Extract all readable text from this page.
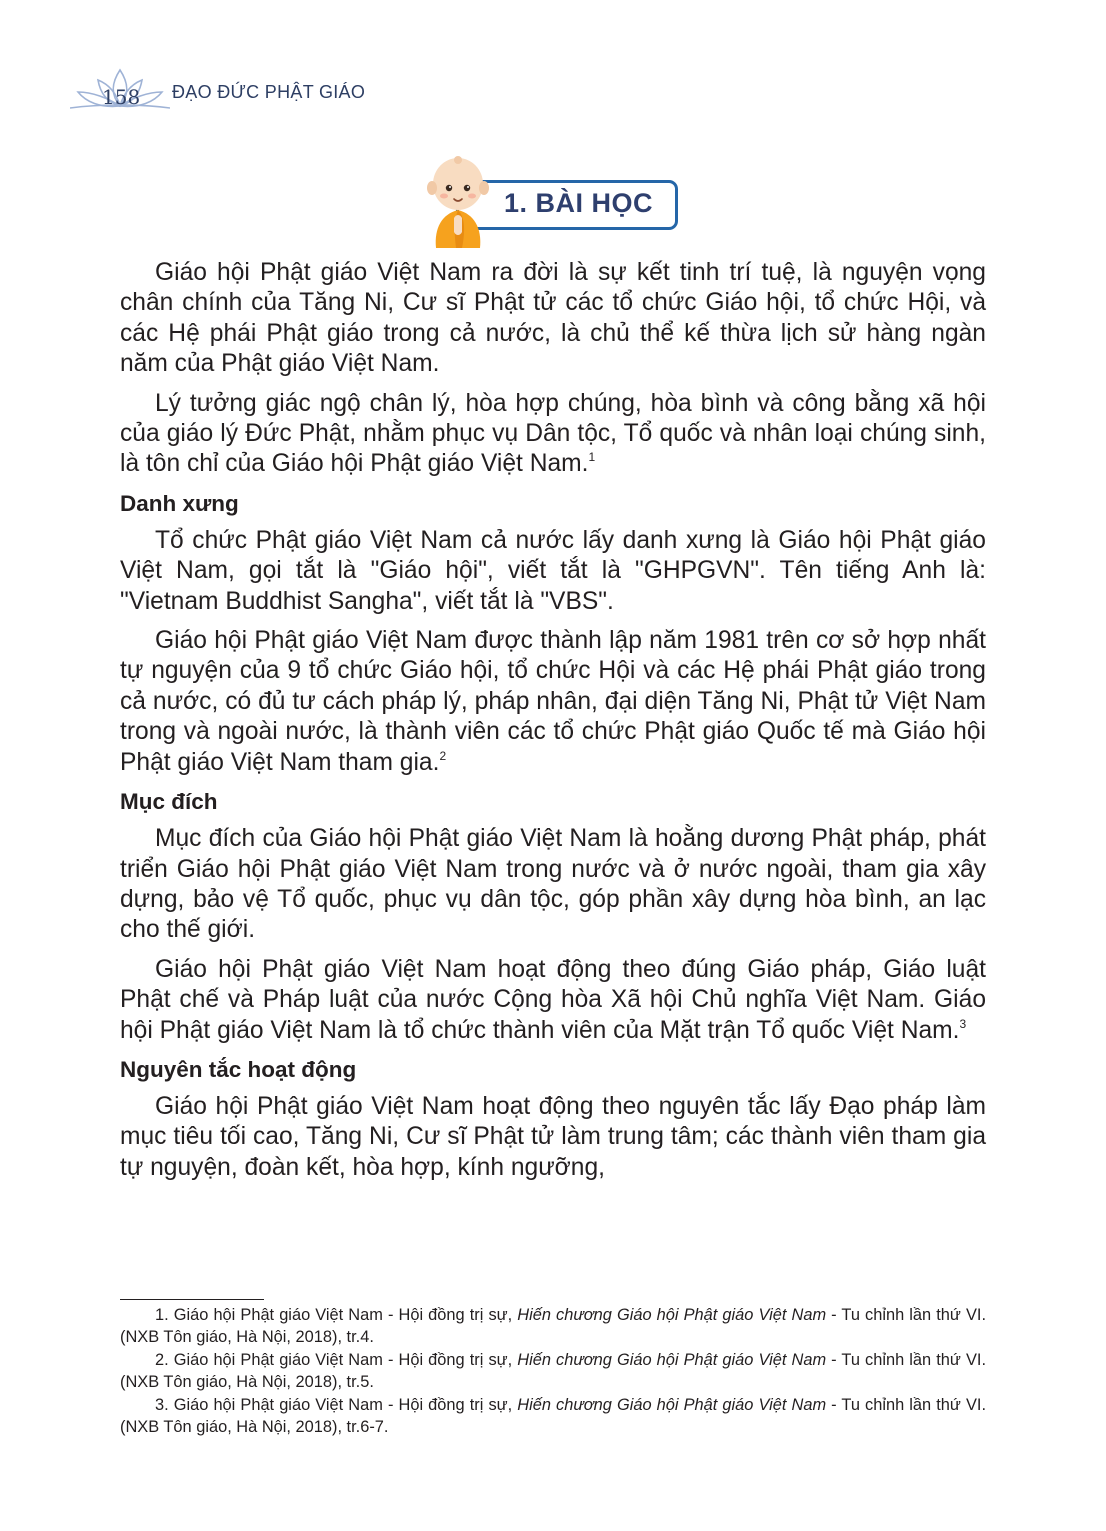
158 ĐẠO ĐỨC PHẬT GIÁO
1. BÀI HỌC

Giáo hội Phật giáo Việt Nam ra đời là sự kết tinh trí tuệ, là nguyện vọng chân chính của Tăng Ni, Cư sĩ Phật tử các tổ chức Giáo hội, tổ chức Hội, và các Hệ phái Phật giáo trong cả nước, là chủ thể kế thừa lịch sử hàng ngàn năm của Phật giáo Việt Nam.

Lý tưởng giác ngộ chân lý, hòa hợp chúng, hòa bình và công bằng xã hội của giáo lý Đức Phật, nhằm phục vụ Dân tộc, Tổ quốc và nhân loại chúng sinh, là tôn chỉ của Giáo hội Phật giáo Việt Nam.$^1$

Danh xưng

Tổ chức Phật giáo Việt Nam cả nước lấy danh xưng là Giáo hội Phật giáo Việt Nam, gọi tắt là "Giáo hội", viết tắt là "GHPGVN". Tên tiếng Anh là: "Vietnam Buddhist Sangha", viết tắt là "VBS".

Giáo hội Phật giáo Việt Nam được thành lập năm 1981 trên cơ sở hợp nhất tự nguyện của 9 tổ chức Giáo hội, tổ chức Hội và các Hệ phái Phật giáo trong cả nước, có đủ tư cách pháp lý, pháp nhân, đại diện Tăng Ni, Phật tử Việt Nam trong và ngoài nước, là thành viên các tổ chức Phật giáo Quốc tế mà Giáo hội Phật giáo Việt Nam tham gia.$^2$

Mục đích

Mục đích của Giáo hội Phật giáo Việt Nam là hoằng dương Phật pháp, phát triển Giáo hội Phật giáo Việt Nam trong nước và ở nước ngoài, tham gia xây dựng, bảo vệ Tổ quốc, phục vụ dân tộc, góp phần xây dựng hòa bình, an lạc cho thế giới.

Giáo hội Phật giáo Việt Nam hoạt động theo đúng Giáo pháp, Giáo luật Phật chế và Pháp luật của nước Cộng hòa Xã hội Chủ nghĩa Việt Nam. Giáo hội Phật giáo Việt Nam là tổ chức thành viên của Mặt trận Tổ quốc Việt Nam.$^3$

Nguyên tắc hoạt động

Giáo hội Phật giáo Việt Nam hoạt động theo nguyên tắc lấy Đạo pháp làm mục tiêu tối cao, Tăng Ni, Cư sĩ Phật tử làm trung tâm; các thành viên tham gia tự nguyện, đoàn kết, hòa hợp, kính ngưỡng,

1. Giáo hội Phật giáo Việt Nam - Hội đồng trị sự, Hiến chương Giáo hội Phật giáo Việt Nam - Tu chỉnh lần thứ VI. (NXB Tôn giáo, Hà Nội, 2018), tr.4.

2. Giáo hội Phật giáo Việt Nam - Hội đồng trị sự, Hiến chương Giáo hội Phật giáo Việt Nam - Tu chỉnh lần thứ VI. (NXB Tôn giáo, Hà Nội, 2018), tr.5.

3. Giáo hội Phật giáo Việt Nam - Hội đồng trị sự, Hiến chương Giáo hội Phật giáo Việt Nam - Tu chỉnh lần thứ VI. (NXB Tôn giáo, Hà Nội, 2018), tr.6-7.
